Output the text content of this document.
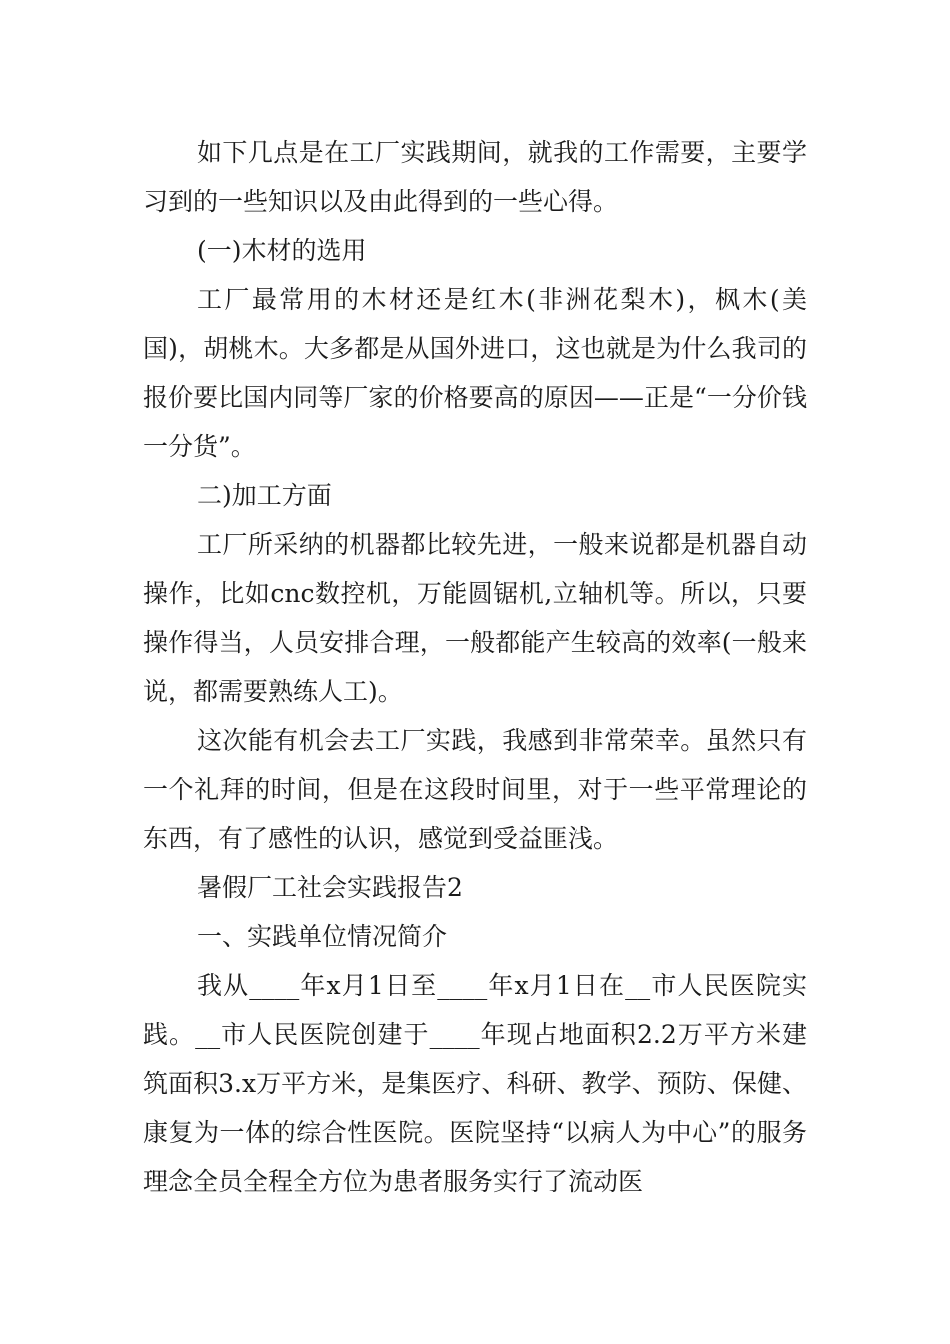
如下几点是在工厂实践期间，就我的工作需要，主要学习到的一些知识以及由此得到的一些心得。

(一)木材的选用

工厂最常用的木材还是红木(非洲花梨木)，枫木(美国)，胡桃木。大多都是从国外进口，这也就是为什么我司的报价要比国内同等厂家的价格要高的原因——正是“一分价钱一分货”。

二)加工方面

工厂所采纳的机器都比较先进，一般来说都是机器自动操作，比如cnc数控机，万能圆锯机,立轴机等。所以，只要操作得当，人员安排合理，一般都能产生较高的效率(一般来说，都需要熟练人工)。

这次能有机会去工厂实践，我感到非常荣幸。虽然只有一个礼拜的时间，但是在这段时间里，对于一些平常理论的东西，有了感性的认识，感觉到受益匪浅。

暑假厂工社会实践报告2

一、实践单位情况简介

我从____年x月1日至____年x月1日在__市人民医院实践。__市人民医院创建于____年现占地面积2.2万平方米建筑面积3.x万平方米，是集医疗、科研、教学、预防、保健、康复为一体的综合性医院。医院坚持“以病人为中心”的服务理念全员全程全方位为患者服务实行了流动医
